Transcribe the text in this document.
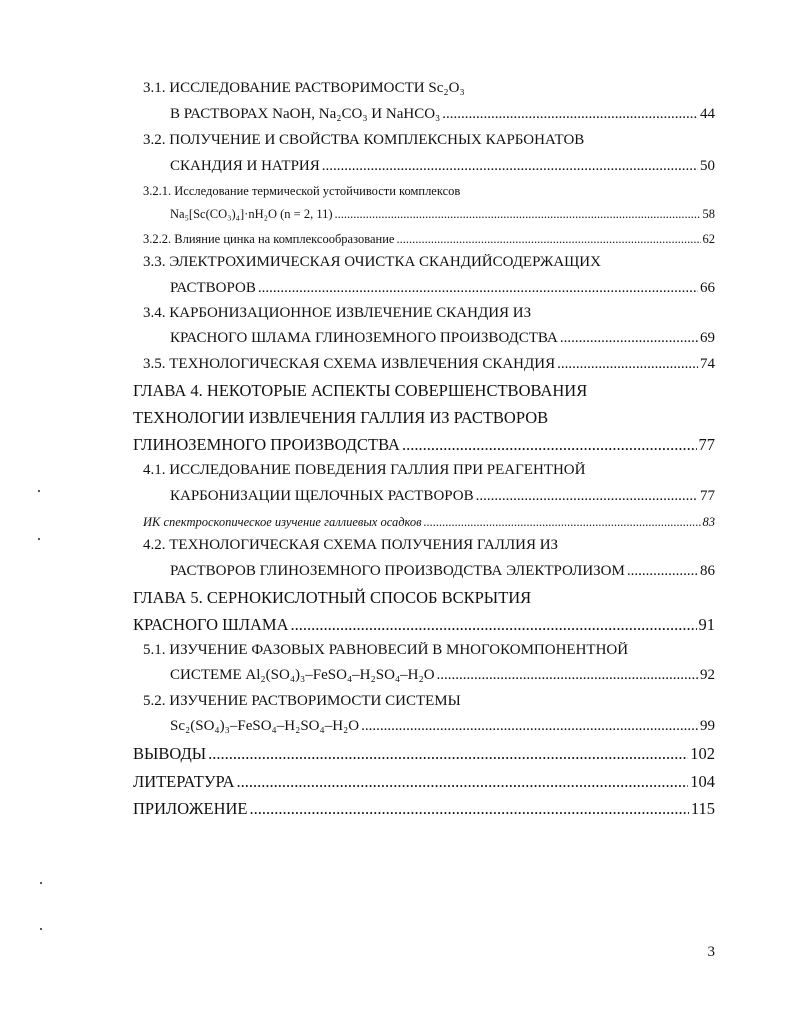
3.1. ИССЛЕДОВАНИЕ РАСТВОРИМОСТИ Sc₂O₃
В РАСТВОРАХ NaOH, Na₂CO₃ И NaHCO₃ .....	44
3.2. ПОЛУЧЕНИЕ И СВОЙСТВА КОМПЛЕКСНЫХ КАРБОНАТОВ
СКАНДИЯ И НАТРИЯ .....	50
3.2.1. Исследование термической устойчивости комплексов
Na₅[Sc(CO₃)₄]·nH₂O (n = 2, 11) .....	58
3.2.2. Влияние цинка на комплексообразование .....	62
3.3. ЭЛЕКТРОХИМИЧЕСКАЯ ОЧИСТКА СКАНДИЙСОДЕРЖАЩИХ
РАСТВОРОВ .....	66
3.4. КАРБОНИЗАЦИОННОЕ ИЗВЛЕЧЕНИЕ СКАНДИЯ ИЗ
КРАСНОГО ШЛАМА ГЛИНОЗЕМНОГО ПРОИЗВОДСТВА .....	69
3.5. ТЕХНОЛОГИЧЕСКАЯ СХЕМА ИЗВЛЕЧЕНИЯ СКАНДИЯ .....	74
ГЛАВА 4. НЕКОТОРЫЕ АСПЕКТЫ СОВЕРШЕНСТВОВАНИЯ
ТЕХНОЛОГИИ ИЗВЛЕЧЕНИЯ ГАЛЛИЯ ИЗ РАСТВОРОВ
ГЛИНОЗЕМНОГО ПРОИЗВОДСТВА .....	77
4.1. ИССЛЕДОВАНИЕ ПОВЕДЕНИЯ ГАЛЛИЯ ПРИ РЕАГЕНТНОЙ
КАРБОНИЗАЦИИ ЩЕЛОЧНЫХ РАСТВОРОВ .....	77
ИК спектроскопическое изучение галлиевых осадков .....	83
4.2. ТЕХНОЛОГИЧЕСКАЯ СХЕМА ПОЛУЧЕНИЯ ГАЛЛИЯ ИЗ
РАСТВОРОВ ГЛИНОЗЕМНОГО ПРОИЗВОДСТВА ЭЛЕКТРОЛИЗОМ .....	86
ГЛАВА 5. СЕРНОКИСЛОТНЫЙ СПОСОБ ВСКРЫТИЯ
КРАСНОГО ШЛАМА .....	91
5.1. ИЗУЧЕНИЕ ФАЗОВЫХ РАВНОВЕСИЙ В МНОГОКОМПОНЕНТНОЙ
СИСТЕМЕ Al₂(SO₄)₃–FeSO₄–H₂SO₄–H₂O .....	92
5.2. ИЗУЧЕНИЕ РАСТВОРИМОСТИ СИСТЕМЫ
Sc₂(SO₄)₃–FeSO₄–H₂SO₄–H₂O .....	99
ВЫВОДЫ .....	102
ЛИТЕРАТУРА .....	104
ПРИЛОЖЕНИЕ .....	115
3
